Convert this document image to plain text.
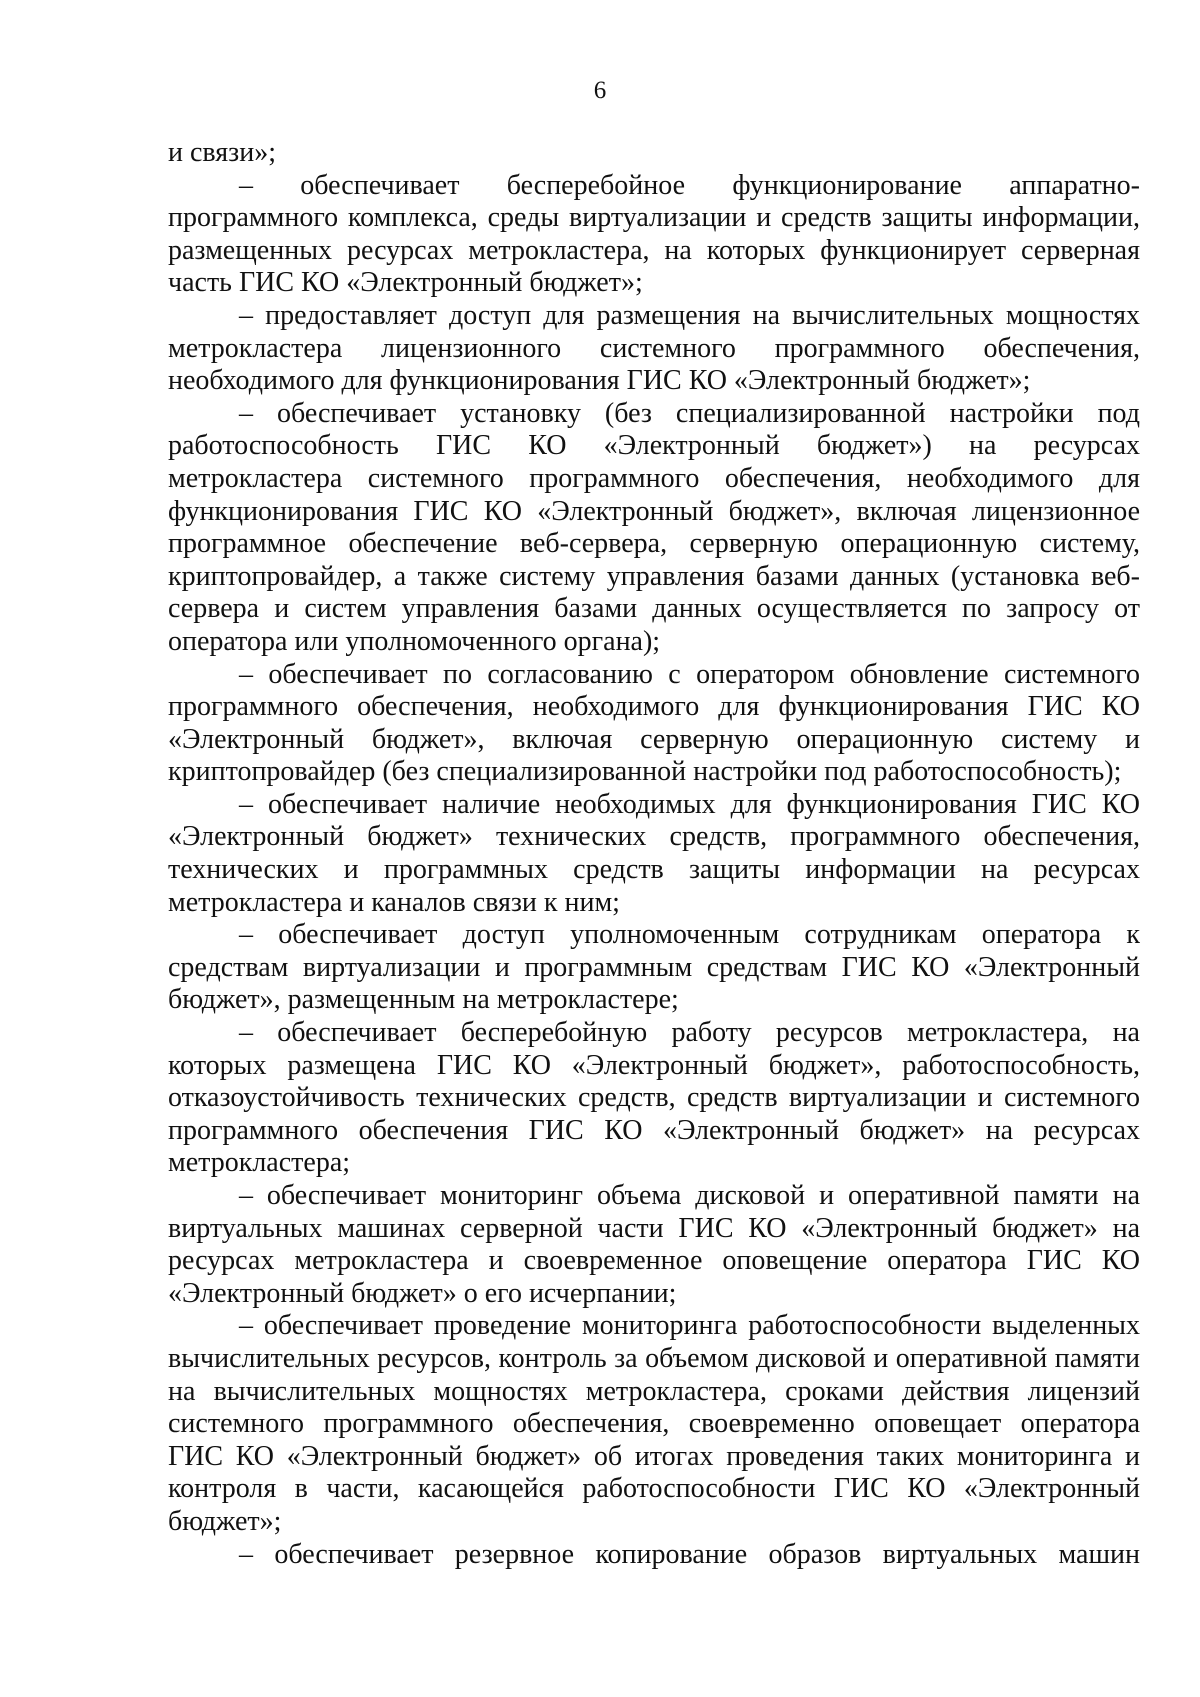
6

и связи»;

– обеспечивает бесперебойное функционирование аппаратно-программного комплекса, среды виртуализации и средств защиты информации, размещенных ресурсах метрокластера, на которых функционирует серверная часть ГИС КО «Электронный бюджет»;

– предоставляет доступ для размещения на вычислительных мощностях метрокластера лицензионного системного программного обеспечения, необходимого для функционирования ГИС КО «Электронный бюджет»;

– обеспечивает установку (без специализированной настройки под работоспособность ГИС КО «Электронный бюджет») на ресурсах метрокластера системного программного обеспечения, необходимого для функционирования ГИС КО «Электронный бюджет», включая лицензионное программное обеспечение веб-сервера, серверную операционную систему, криптопровайдер, а также систему управления базами данных (установка веб-сервера и систем управления базами данных осуществляется по запросу от оператора или уполномоченного органа);

– обеспечивает по согласованию с оператором обновление системного программного обеспечения, необходимого для функционирования ГИС КО «Электронный бюджет», включая серверную операционную систему и криптопровайдер (без специализированной настройки под работоспособность);

– обеспечивает наличие необходимых для функционирования ГИС КО «Электронный бюджет» технических средств, программного обеспечения, технических и программных средств защиты информации на ресурсах метрокластера и каналов связи к ним;

– обеспечивает доступ уполномоченным сотрудникам оператора к средствам виртуализации и программным средствам ГИС КО «Электронный бюджет», размещенным на метрокластере;

– обеспечивает бесперебойную работу ресурсов метрокластера, на которых размещена ГИС КО «Электронный бюджет», работоспособность, отказоустойчивость технических средств, средств виртуализации и системного программного обеспечения ГИС КО «Электронный бюджет» на ресурсах метрокластера;

– обеспечивает мониторинг объема дисковой и оперативной памяти на виртуальных машинах серверной части ГИС КО «Электронный бюджет» на ресурсах метрокластера и своевременное оповещение оператора ГИС КО «Электронный бюджет» о его исчерпании;

– обеспечивает проведение мониторинга работоспособности выделенных вычислительных ресурсов, контроль за объемом дисковой и оперативной памяти на вычислительных мощностях метрокластера, сроками действия лицензий системного программного обеспечения, своевременно оповещает оператора ГИС КО «Электронный бюджет» об итогах проведения таких мониторинга и контроля в части, касающейся работоспособности ГИС КО «Электронный бюджет»;

– обеспечивает резервное копирование образов виртуальных машин
